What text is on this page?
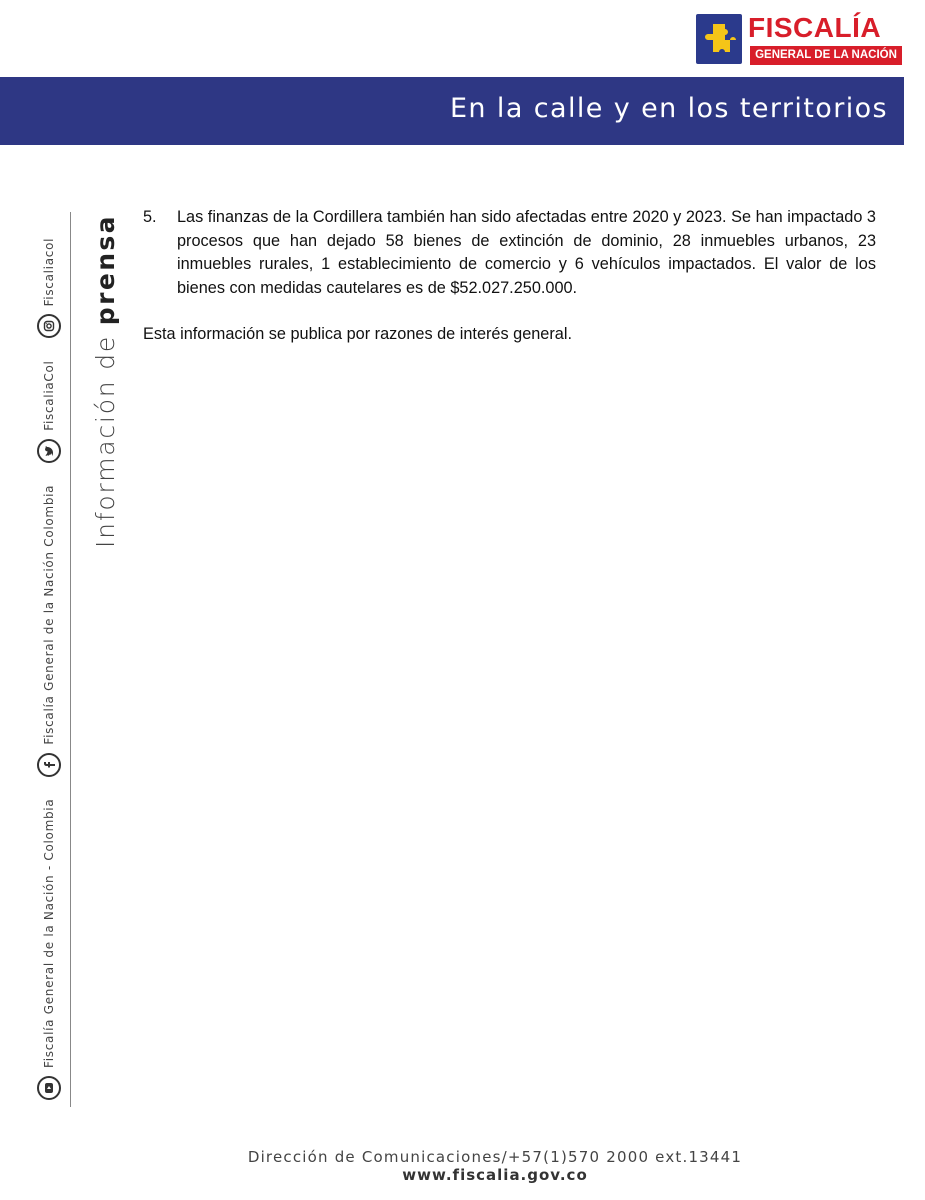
FISCALÍA
GENERAL DE LA NACIÓN
En la calle y en los territorios
Fiscalía General de la Nación - Colombia
Fiscalía General de la Nación Colombia
FiscaliaCol
Fiscaliacol
Información de prensa 5. Las finanzas de la Cordillera también han sido afectadas entre 2020 y 2023. Se han impactado 3 procesos que han dejado 58 bienes de extinción de dominio, 28 inmuebles urbanos, 23 inmuebles rurales, 1 establecimiento de comercio y 6 vehículos impactados. El valor de los bienes con medidas cautelares es de $52.027.250.000.

Esta información se publica por razones de interés general.

Dirección de Comunicaciones/+57(1)570 2000 ext.13441
www.fiscalia.gov.co
